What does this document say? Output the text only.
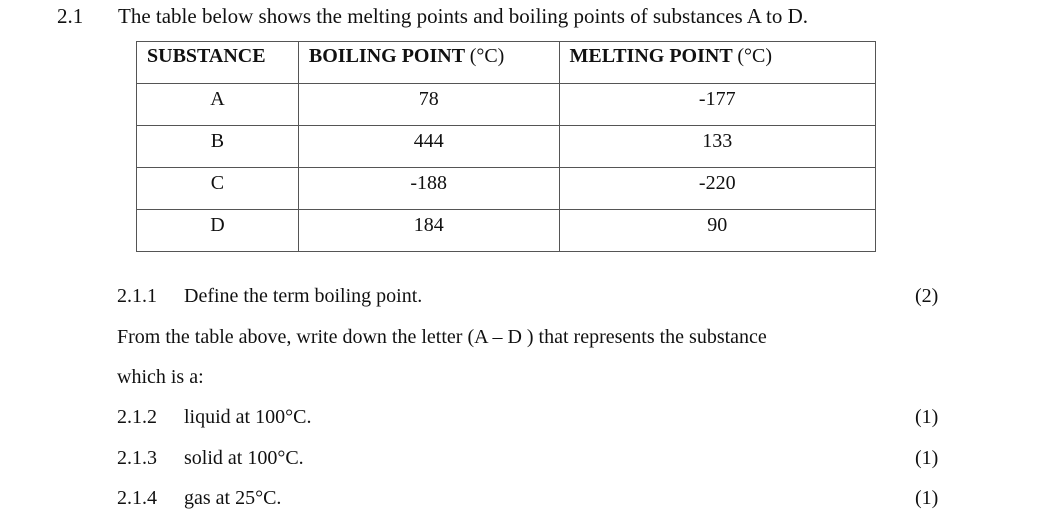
2.1 The table below shows the melting points and boiling points of substances A to D.
SUBSTANCE	BOILING POINT (°C)	MELTING POINT (°C)
A	78	-177
B	444	133
C	-188	-220
D	184	90
2.1.1 Define the term boiling point.	(2)
From the table above, write down the letter (A – D ) that represents the substance
which is a:
2.1.2 liquid at 100°C.	(1)
2.1.3 solid at 100°C.	(1)
2.1.4 gas at 25°C.	(1)
